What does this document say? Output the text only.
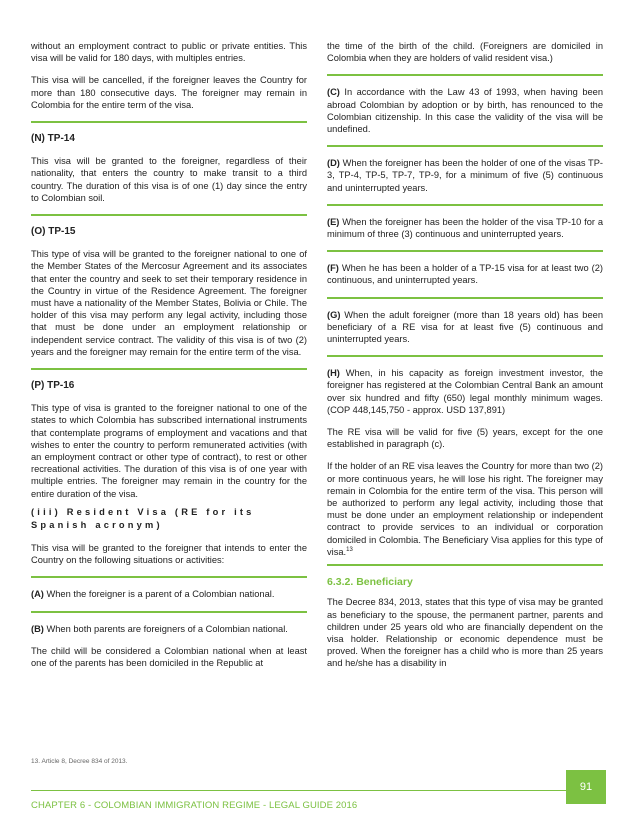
without an employment contract to public or private entities. This visa will be valid for 180 days, with multiples entries.

This visa will be cancelled, if the foreigner leaves the Country for more than 180 consecutive days. The foreigner may remain in Colombia for the entire term of the visa.

(N) TP-14

This visa will be granted to the foreigner, regardless of their nationality, that enters the country to make transit to a third country. The duration of this visa is of one (1) day since the entry to Colombian soil.

(O) TP-15

This type of visa will be granted to the foreigner national to one of the Member States of the Mercosur Agreement and its associates that enter the country and seek to set their temporary residence in the Country in virtue of the Residence Agreement. The foreigner must have a nationality of the Member States, Bolivia or Chile. The holder of this visa may perform any legal activity, including those that must be done under an employment relationship or independent service contract. The validity of this visa is of two (2) years and the foreigner may remain for the entire term of the visa.

(P) TP-16

This type of visa is granted to the foreigner national to one of the states to which Colombia has subscribed international instruments that contemplate programs of employment and vacations and that wishes to enter the country to perform remunerated activities (with an employment contract or other type of contract), to rest or other recreational activities. The duration of this visa is of one year with multiple entries. The foreigner may remain in the country for the entire duration of the visa.

(iii) Resident Visa (RE for its Spanish acronym)

This visa will be granted to the foreigner that intends to enter the Country on the following situations or activities:

(A) When the foreigner is a parent of a Colombian national.

(B) When both parents are foreigners of a Colombian national.

The child will be considered a Colombian national when at least one of the parents has been domiciled in the Republic at

the time of the birth of the child. (Foreigners are domiciled in Colombia when they are holders of valid resident visa.)

(C) In accordance with the Law 43 of 1993, when having been abroad Colombian by adoption or by birth, has renounced to the Colombian citizenship. In this case the validity of the visa will be undefined.

(D) When the foreigner has been the holder of one of the visas TP-3, TP-4, TP-5, TP-7, TP-9, for a minimum of five (5) continuous and uninterrupted years.

(E) When the foreigner has been the holder of the visa TP-10 for a minimum of three (3) continuous and uninterrupted years.

(F) When he has been a holder of a TP-15 visa for at least two (2) continuous, and uninterrupted years.

(G) When the adult foreigner (more than 18 years old) has been beneficiary of a RE visa for at least five (5) continuous and uninterrupted years.

(H) When, in his capacity as foreign investment investor, the foreigner has registered at the Colombian Central Bank an amount over six hundred and fifty (650) legal monthly minimum wages. (COP 448,145,750 - approx. USD 137,891)

The RE visa will be valid for five (5) years, except for the one established in paragraph (c).

If the holder of an RE visa leaves the Country for more than two (2) or more continuous years, he will lose his right. The foreigner may remain in Colombia for the entire term of the visa. This person will be authorized to perform any legal activity, including those that must be done under an employment relationship or independent contract to provide services to an individual or corporation domiciled in Colombia. The Beneficiary Visa applies for this type of visa.$^{13}$

6.3.2. Beneficiary

The Decree 834, 2013, states that this type of visa may be granted as beneficiary to the spouse, the permanent partner, parents and children under 25 years old who are financially dependent on the visa holder. Relationship or economic dependence must be proved. When the foreigner has a child who is more than 25 years and he/she has a disability in

13. Article 8, Decree 834 of 2013.
CHAPTER 6 - COLOMBIAN IMMIGRATION REGIME - LEGAL GUIDE 2016
91
